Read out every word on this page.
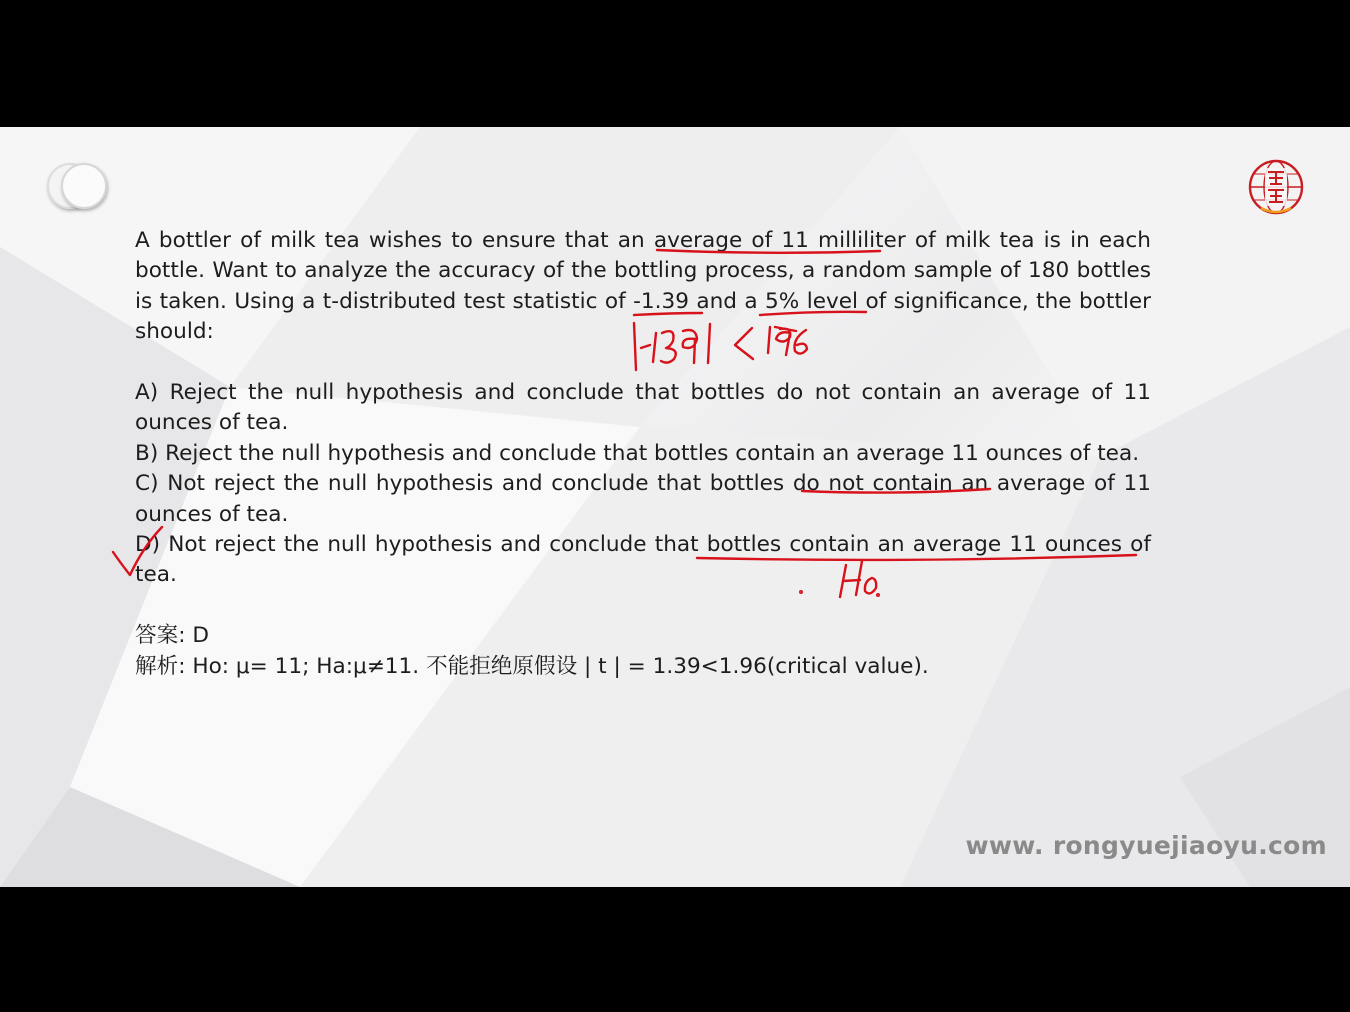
A bottler of milk tea wishes to ensure that an average of 11 milliliter of milk tea is in each bottle. Want to analyze the accuracy of the bottling process, a random sample of 180 bottles is taken. Using a t-distributed test statistic of -1.39 and a 5% level of significance, the bottler should:

A) Reject the null hypothesis and conclude that bottles do not contain an average of 11 ounces of tea.

B) Reject the null hypothesis and conclude that bottles contain an average 11 ounces of tea.

C) Not reject the null hypothesis and conclude that bottles do not contain an average of 11 ounces of tea.

D) Not reject the null hypothesis and conclude that bottles contain an average 11 ounces of tea.

答案: D

解析: Ho: μ= 11; Ha:μ≠11. 不能拒绝原假设 | t | = 1.39<1.96(critical value).

www. rongyuejiaoyu.com
